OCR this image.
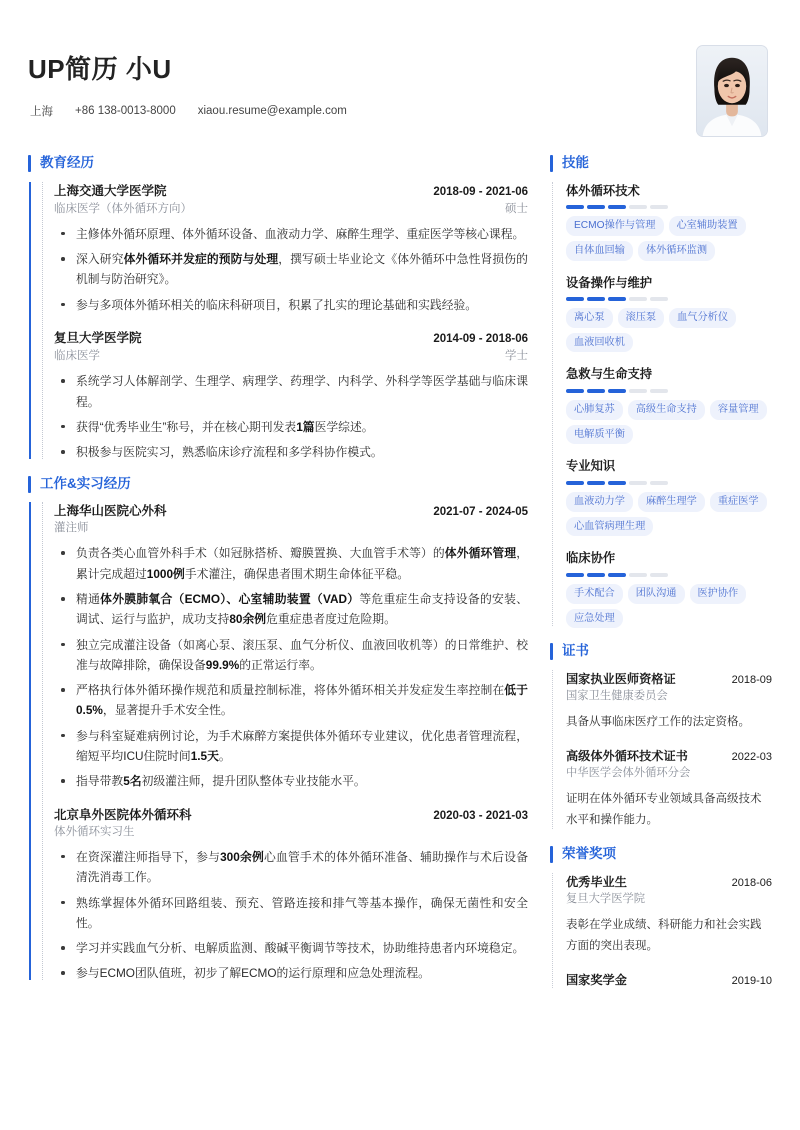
UP简历 小U
上海 +86 138-0013-8000 xiaou.resume@example.com
教育经历
上海交通大学医学院	2018-09 - 2021-06
临床医学（体外循环方向）	硕士
主修体外循环原理、体外循环设备、血液动力学、麻醉生理学、重症医学等核心课程。
深入研究体外循环并发症的预防与处理，撰写硕士毕业论文《体外循环中急性肾损伤的机制与防治研究》。
参与多项体外循环相关的临床科研项目，积累了扎实的理论基础和实践经验。
复旦大学医学院	2014-09 - 2018-06
临床医学	学士
系统学习人体解剖学、生理学、病理学、药理学、内科学、外科学等医学基础与临床课程。
获得“优秀毕业生”称号，并在核心期刊发表1篇医学综述。
积极参与医院实习，熟悉临床诊疗流程和多学科协作模式。
工作&实习经历
上海华山医院心外科	2021-07 - 2024-05
灌注师
负责各类心血管外科手术（如冠脉搭桥、瓣膜置换、大血管手术等）的体外循环管理，累计完成超过1000例手术灌注，确保患者围术期生命体征平稳。
精通体外膜肺氧合（ECMO）、心室辅助装置（VAD）等危重症生命支持设备的安装、调试、运行与监护，成功支持80余例危重症患者度过危险期。
独立完成灌注设备（如离心泵、滚压泵、血气分析仪、血液回收机等）的日常维护、校准与故障排除，确保设备99.9%的正常运行率。
严格执行体外循环操作规范和质量控制标准，将体外循环相关并发症发生率控制在低于0.5%，显著提升手术安全性。
参与科室疑难病例讨论，为手术麻醉方案提供体外循环专业建议，优化患者管理流程，缩短平均ICU住院时间1.5天。
指导带教5名初级灌注师，提升团队整体专业技能水平。
北京阜外医院体外循环科	2020-03 - 2021-03
体外循环实习生
在资深灌注师指导下，参与300余例心血管手术的体外循环准备、辅助操作与术后设备清洗消毒工作。
熟练掌握体外循环回路组装、预充、管路连接和排气等基本操作，确保无菌性和安全性。
学习并实践血气分析、电解质监测、酸碱平衡调节等技术，协助维持患者内环境稳定。
参与ECMO团队值班，初步了解ECMO的运行原理和应急处理流程。
技能
体外循环技术
ECMO操作与管理	心室辅助装置
自体血回输	体外循环监测
设备操作与维护
离心泵	滚压泵	血气分析仪
血液回收机
急救与生命支持
心肺复苏	高级生命支持	容量管理
电解质平衡
专业知识
血液动力学	麻醉生理学	重症医学
心血管病理生理
临床协作
手术配合	团队沟通	医护协作
应急处理
证书
国家执业医师资格证	2018-09
国家卫生健康委员会
具备从事临床医疗工作的法定资格。
高级体外循环技术证书	2022-03
中华医学会体外循环分会
证明在体外循环专业领域具备高级技术水平和操作能力。
荣誉奖项
优秀毕业生	2018-06
复旦大学医学院
表彰在学业成绩、科研能力和社会实践方面的突出表现。
国家奖学金	2019-10
